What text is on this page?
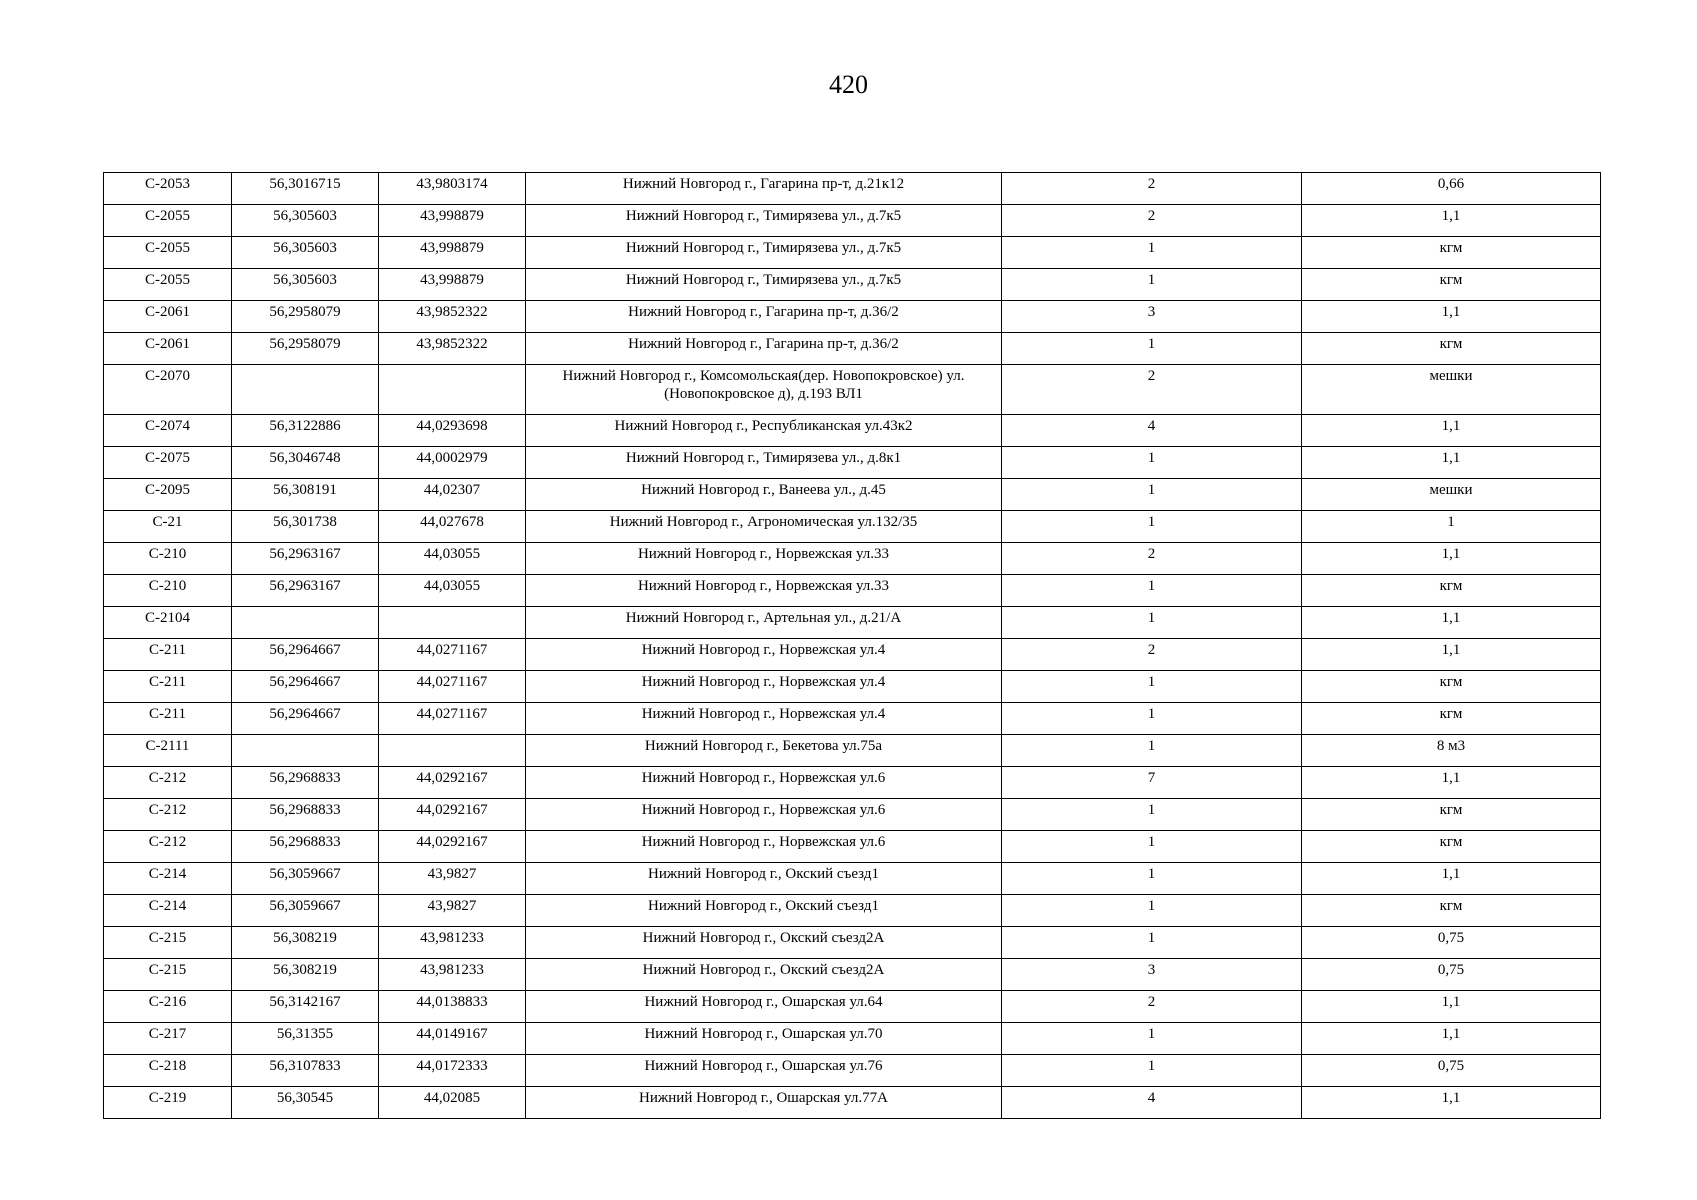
420
С-2053	56,3016715	43,9803174	Нижний Новгород г., Гагарина пр-т, д.21к12	2	0,66
С-2055	56,305603	43,998879	Нижний Новгород г., Тимирязева ул., д.7к5	2	1,1
С-2055	56,305603	43,998879	Нижний Новгород г., Тимирязева ул., д.7к5	1	кгм
С-2055	56,305603	43,998879	Нижний Новгород г., Тимирязева ул., д.7к5	1	кгм
С-2061	56,2958079	43,9852322	Нижний Новгород г., Гагарина пр-т, д.36/2	3	1,1
С-2061	56,2958079	43,9852322	Нижний Новгород г., Гагарина пр-т, д.36/2	1	кгм
С-2070			Нижний Новгород г., Комсомольская(дер. Новопокровское) ул. (Новопокровское д), д.193 ВЛ1	2	мешки
С-2074	56,3122886	44,0293698	Нижний Новгород г., Республиканская ул.43к2	4	1,1
С-2075	56,3046748	44,0002979	Нижний Новгород г., Тимирязева ул., д.8к1	1	1,1
С-2095	56,308191	44,02307	Нижний Новгород г., Ванеева ул., д.45	1	мешки
С-21	56,301738	44,027678	Нижний Новгород г., Агрономическая ул.132/35	1	1
С-210	56,2963167	44,03055	Нижний Новгород г., Норвежская ул.33	2	1,1
С-210	56,2963167	44,03055	Нижний Новгород г., Норвежская ул.33	1	кгм
С-2104			Нижний Новгород г., Артельная ул., д.21/А	1	1,1
С-211	56,2964667	44,0271167	Нижний Новгород г., Норвежская ул.4	2	1,1
С-211	56,2964667	44,0271167	Нижний Новгород г., Норвежская ул.4	1	кгм
С-211	56,2964667	44,0271167	Нижний Новгород г., Норвежская ул.4	1	кгм
С-2111			Нижний Новгород г., Бекетова ул.75а	1	8 м3
С-212	56,2968833	44,0292167	Нижний Новгород г., Норвежская ул.6	7	1,1
С-212	56,2968833	44,0292167	Нижний Новгород г., Норвежская ул.6	1	кгм
С-212	56,2968833	44,0292167	Нижний Новгород г., Норвежская ул.6	1	кгм
С-214	56,3059667	43,9827	Нижний Новгород г., Окский съезд1	1	1,1
С-214	56,3059667	43,9827	Нижний Новгород г., Окский съезд1	1	кгм
С-215	56,308219	43,981233	Нижний Новгород г., Окский съезд2А	1	0,75
С-215	56,308219	43,981233	Нижний Новгород г., Окский съезд2А	3	0,75
С-216	56,3142167	44,0138833	Нижний Новгород г., Ошарская ул.64	2	1,1
С-217	56,31355	44,0149167	Нижний Новгород г., Ошарская ул.70	1	1,1
С-218	56,3107833	44,0172333	Нижний Новгород г., Ошарская ул.76	1	0,75
С-219	56,30545	44,02085	Нижний Новгород г., Ошарская ул.77А	4	1,1
